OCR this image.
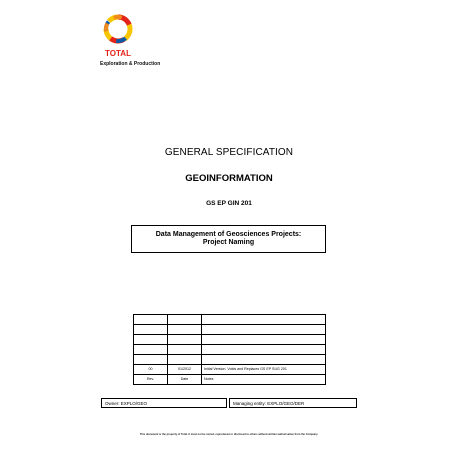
TOTAL
Exploration & Production
GENERAL SPECIFICATION
GEOINFORMATION
GS EP GIN 201
Data Management of Geosciences Projects:
Project Naming

00	01/2012	Initial Version. Voids and Replaces GS EP SUG 201
Rev.	Date	Notes
Owner: EXPLO/GEO	Managing entity: EXPLO/GEO/DER
This document is the property of Total. It must not be stored, reproduced or disclosed to others without written authorisation from the Company.
